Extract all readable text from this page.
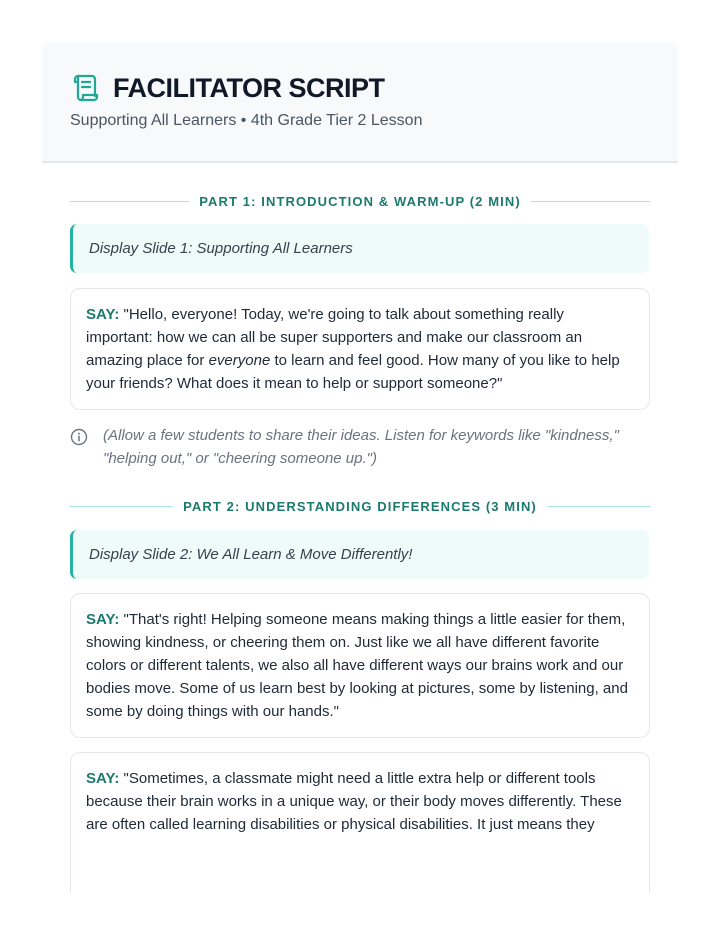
FACILITATOR SCRIPT
Supporting All Learners • 4th Grade Tier 2 Lesson
PART 1: INTRODUCTION & WARM-UP (2 MIN)
Display Slide 1: Supporting All Learners
SAY: "Hello, everyone! Today, we're going to talk about something really important: how we can all be super supporters and make our classroom an amazing place for everyone to learn and feel good. How many of you like to help your friends? What does it mean to help or support someone?"
(Allow a few students to share their ideas. Listen for keywords like "kindness," "helping out," or "cheering someone up.")
PART 2: UNDERSTANDING DIFFERENCES (3 MIN)
Display Slide 2: We All Learn & Move Differently!
SAY: "That's right! Helping someone means making things a little easier for them, showing kindness, or cheering them on. Just like we all have different favorite colors or different talents, we also all have different ways our brains work and our bodies move. Some of us learn best by looking at pictures, some by listening, and some by doing things with our hands."
SAY: "Sometimes, a classmate might need a little extra help or different tools because their brain works in a unique way, or their body moves differently. These are often called learning disabilities or physical disabilities. It just means they
